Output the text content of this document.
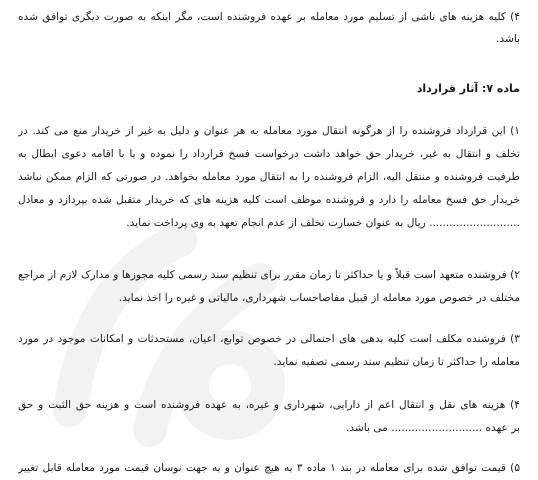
۴) کلیه هزینه های ناشی از تسلیم مورد معامله بر عهده فروشنده است، مگر اینکه به صورت دیگری توافق شده
باشد.
ماده ۷: آثار قرارداد
۱) این قرارداد فروشنده را از هرگونه انتقال مورد معامله به هر عنوان و دلیل به غیر از خریدار منع می کند. در
تخلف و انتقال به غیر، خریدار حق خواهد داشت درخواست فسخ قرارداد را نموده و یا با اقامه دعوی ابطال به
طرفیت فروشنده و منتقل الیه، الزام فروشنده را به انتقال مورد معامله بخواهد. در صورتی که الزام ممکن نباشد
خریدار حق فسخ معامله را دارد و فروشنده موظف است کلیه هزینه های که خریدار متقبل شده بپردازد و معادل
........................... ریال به عنوان خسارت تخلف از عدم انجام تعهد به وی پرداخت نماید.
۲) فروشنده متعهد است قبلاً و یا حداکثر تا زمان مقرر برای تنظیم سند رسمی کلیه مجوزها و مدارک لازم از مراجع
مختلف در خصوص مورد معامله از قبیل مفاصاحساب شهرداری، مالیاتی و غیره را اخذ نماید.
۳) فروشنده مکلف است کلیه بدهی های احتمالی در خصوص توابع، اعیان، مستحدثات و امکانات موجود در مورد
معامله را حداکثر تا زمان تنظیم سند رسمی تصفیه نماید.
۴) هزینه های نقل و انتقال اعم از دارایی، شهرداری و غیره، به عهده فروشنده است و هزینه حق الثبت و حق
بر عهده ........................... می باشد.
۵) قیمت توافق شده برای معامله در بند ۱ ماده ۳ به هیچ عنوان و به جهت نوسان قیمت مورد معامله قابل تغییر
